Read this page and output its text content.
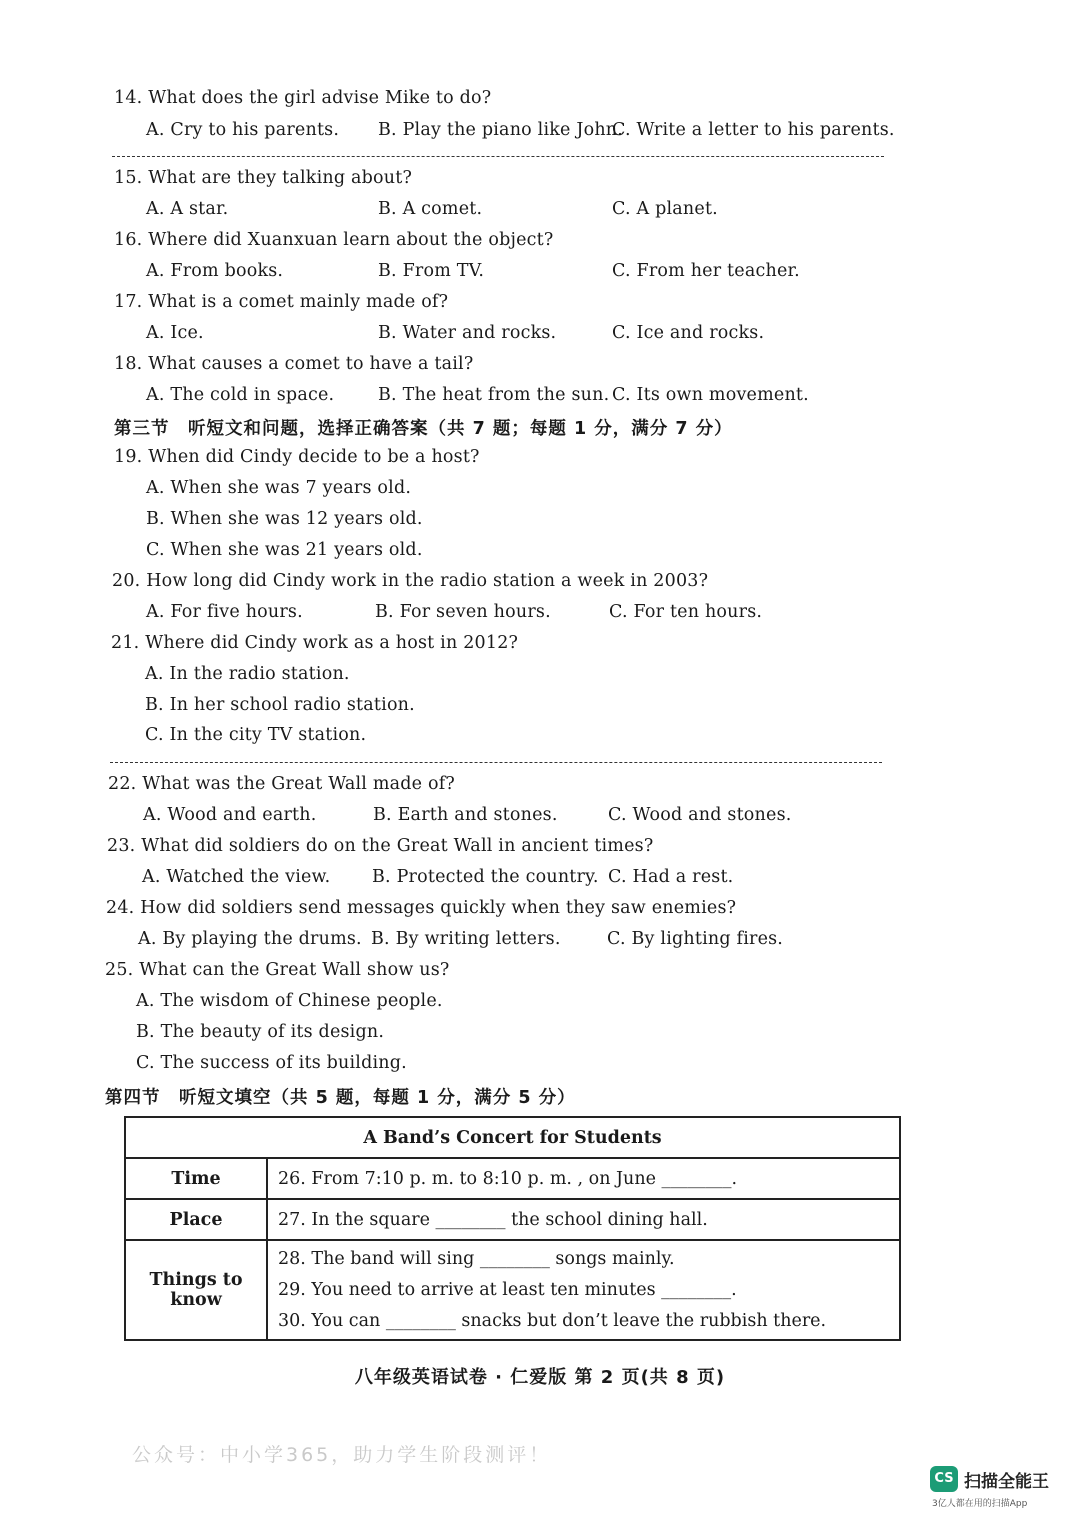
14. What does the girl advise Mike to do?
A. Cry to his parents. B. Play the piano like John.
C. Write a letter to his parents.
15. What are they talking about?
A. A star.	B. A comet.	C. A planet.
16. Where did Xuanxuan learn about the object?
A. From books.	B. From TV.	C. From her teacher.
17. What is a comet mainly made of?
A. Ice.	B. Water and rocks.	C. Ice and rocks.
18. What causes a comet to have a tail?
A. The cold in space. B. The heat from the sun. C. Its own movement.
第三节　听短文和问题，选择正确答案（共 7 题；每题 1 分，满分 7 分）
19. When did Cindy decide to be a host?
A. When she was 7 years old.
B. When she was 12 years old.
C. When she was 21 years old.
20. How long did Cindy work in the radio station a week in 2003?
A. For five hours.	B. For seven hours.	C. For ten hours.
21. Where did Cindy work as a host in 2012?
A. In the radio station.
B. In her school radio station.
C. In the city TV station.
22. What was the Great Wall made of?
A. Wood and earth.	B. Earth and stones.	C. Wood and stones.
23. What did soldiers do on the Great Wall in ancient times?
A. Watched the view. B. Protected the country. C. Had a rest.
24. How did soldiers send messages quickly when they saw enemies?
A. By playing the drums. B. By writing letters.	C. By lighting fires.
25. What can the Great Wall show us?
A. The wisdom of Chinese people.
B. The beauty of its design.
C. The success of its building.
第四节　听短文填空（共 5 题，每题 1 分，满分 5 分）
A Band’s Concert for Students	
Time	26. From 7:10 p. m. to 8:10 p. m. , on June ________.
Place	27. In the square ________ the school dining hall.
Things to know	28. The band will sing ________ songs mainly.
29. You need to arrive at least ten minutes ________.
30. You can ________ snacks but don’t leave the rubbish there.
八年级英语试卷 · 仁爱版 第 2 页(共 8 页)
公众号：中小学365，助力学生阶段测评！
CS 扫描全能王
3亿人都在用的扫描App
